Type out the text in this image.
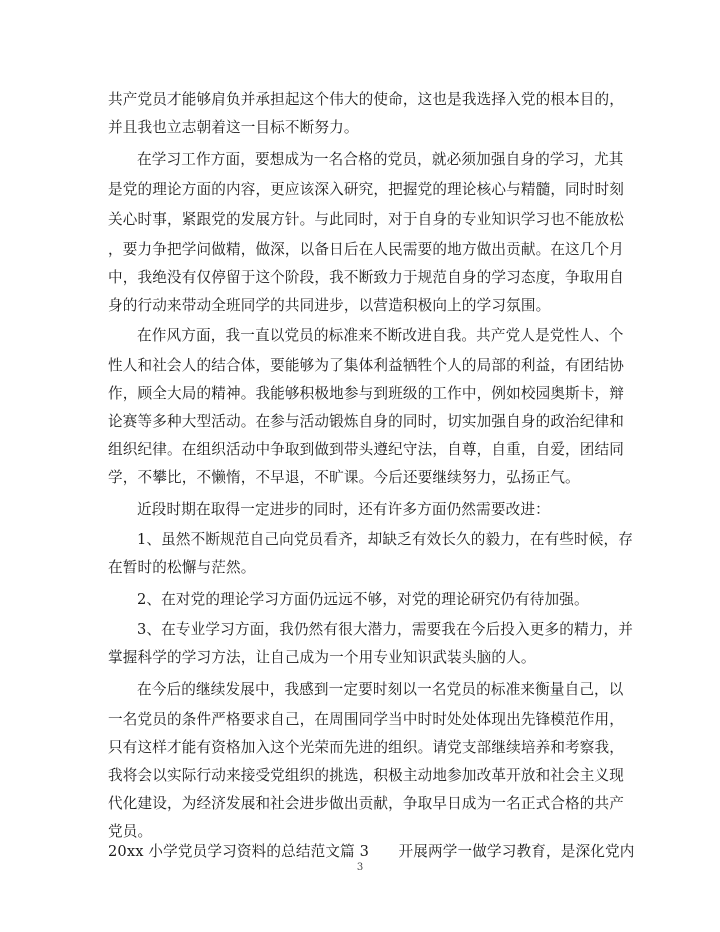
共产党员才能够肩负并承担起这个伟大的使命，这也是我选择入党的根本目的，
并且我也立志朝着这一目标不断努力。
在学习工作方面，要想成为一名合格的党员，就必须加强自身的学习，尤其
是党的理论方面的内容，更应该深入研究，把握党的理论核心与精髓，同时时刻
关心时事，紧跟党的发展方针。与此同时，对于自身的专业知识学习也不能放松
，要力争把学问做精，做深，以备日后在人民需要的地方做出贡献。在这几个月
中，我绝没有仅停留于这个阶段，我不断致力于规范自身的学习态度，争取用自
身的行动来带动全班同学的共同进步，以营造积极向上的学习氛围。
在作风方面，我一直以党员的标准来不断改进自我。共产党人是党性人、个
性人和社会人的结合体，要能够为了集体利益牺牲个人的局部的利益，有团结协
作，顾全大局的精神。我能够积极地参与到班级的工作中，例如校园奥斯卡，辩
论赛等多种大型活动。在参与活动锻炼自身的同时，切实加强自身的政治纪律和
组织纪律。在组织活动中争取到做到带头遵纪守法，自尊，自重，自爱，团结同
学，不攀比，不懒惰，不早退，不旷课。今后还要继续努力，弘扬正气。
近段时期在取得一定进步的同时，还有许多方面仍然需要改进：
1、虽然不断规范自己向党员看齐，却缺乏有效长久的毅力，在有些时候，存
在暂时的松懈与茫然。
2、在对党的理论学习方面仍远远不够，对党的理论研究仍有待加强。
3、在专业学习方面，我仍然有很大潜力，需要我在今后投入更多的精力，并
掌握科学的学习方法，让自己成为一个用专业知识武装头脑的人。
在今后的继续发展中，我感到一定要时刻以一名党员的标准来衡量自己，以
一名党员的条件严格要求自己，在周围同学当中时时处处体现出先锋模范作用，
只有这样才能有资格加入这个光荣而先进的组织。请党支部继续培养和考察我，
我将会以实际行动来接受党组织的挑选，积极主动地参加改革开放和社会主义现
代化建设，为经济发展和社会进步做出贡献，争取早日成为一名正式合格的共产
党员。
20xx 小学党员学习资料的总结范文篇 3　　开展两学一做学习教育，是深化党内
3
